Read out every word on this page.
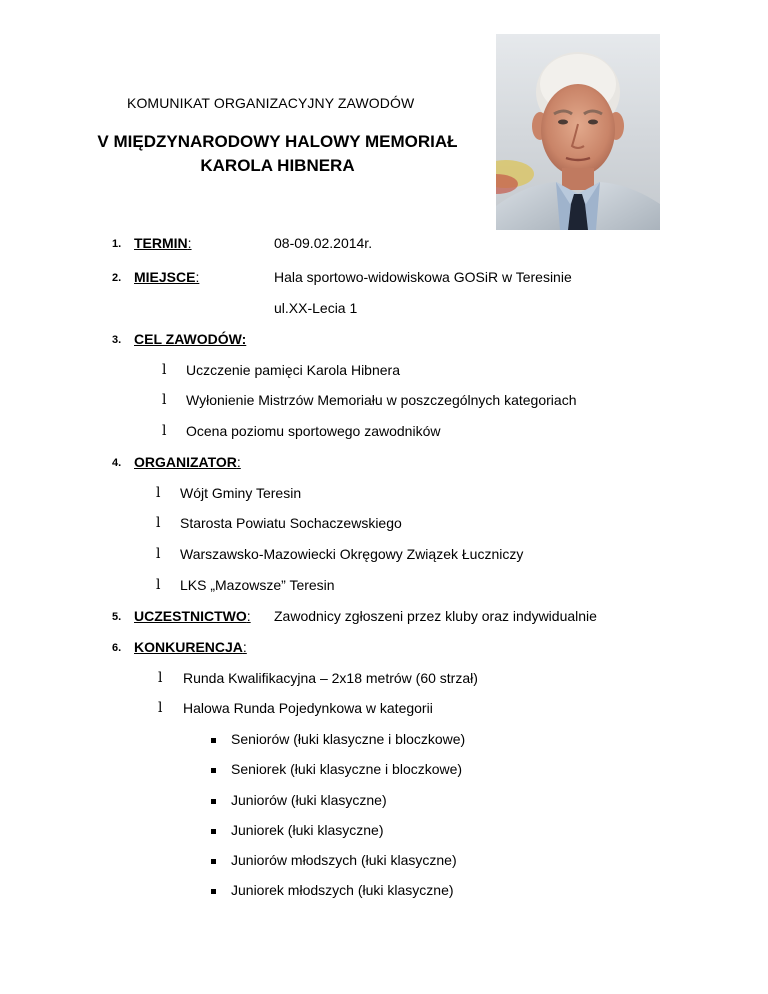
KOMUNIKAT ORGANIZACYJNY ZAWODÓW
V MIĘDZYNARODOWY HALOWY MEMORIAŁ
KAROLA HIBNERA
1. TERMIN:	08-09.02.2014r.
2. MIEJSCE:	Hala sportowo-widowiskowa GOSiR w Teresinie
ul.XX-Lecia 1
3. CEL ZAWODÓW:
l Uczczenie pamięci Karola Hibnera
l Wyłonienie Mistrzów Memoriału w poszczególnych kategoriach
l Ocena poziomu sportowego zawodników
4. ORGANIZATOR:
l Wójt Gminy Teresin
l Starosta Powiatu Sochaczewskiego
l Warszawsko-Mazowiecki Okręgowy Związek Łuczniczy
l LKS „Mazowsze” Teresin
5. UCZESTNICTWO: Zawodnicy zgłoszeni przez kluby oraz indywidualnie
6. KONKURENCJA:
l Runda Kwalifikacyjna – 2x18 metrów (60 strzał)
l Halowa Runda Pojedynkowa w kategorii
Seniorów (łuki klasyczne i bloczkowe)
Seniorek (łuki klasyczne i bloczkowe)
Juniorów (łuki klasyczne)
Juniorek (łuki klasyczne)
Juniorów młodszych (łuki klasyczne)
Juniorek młodszych (łuki klasyczne)
